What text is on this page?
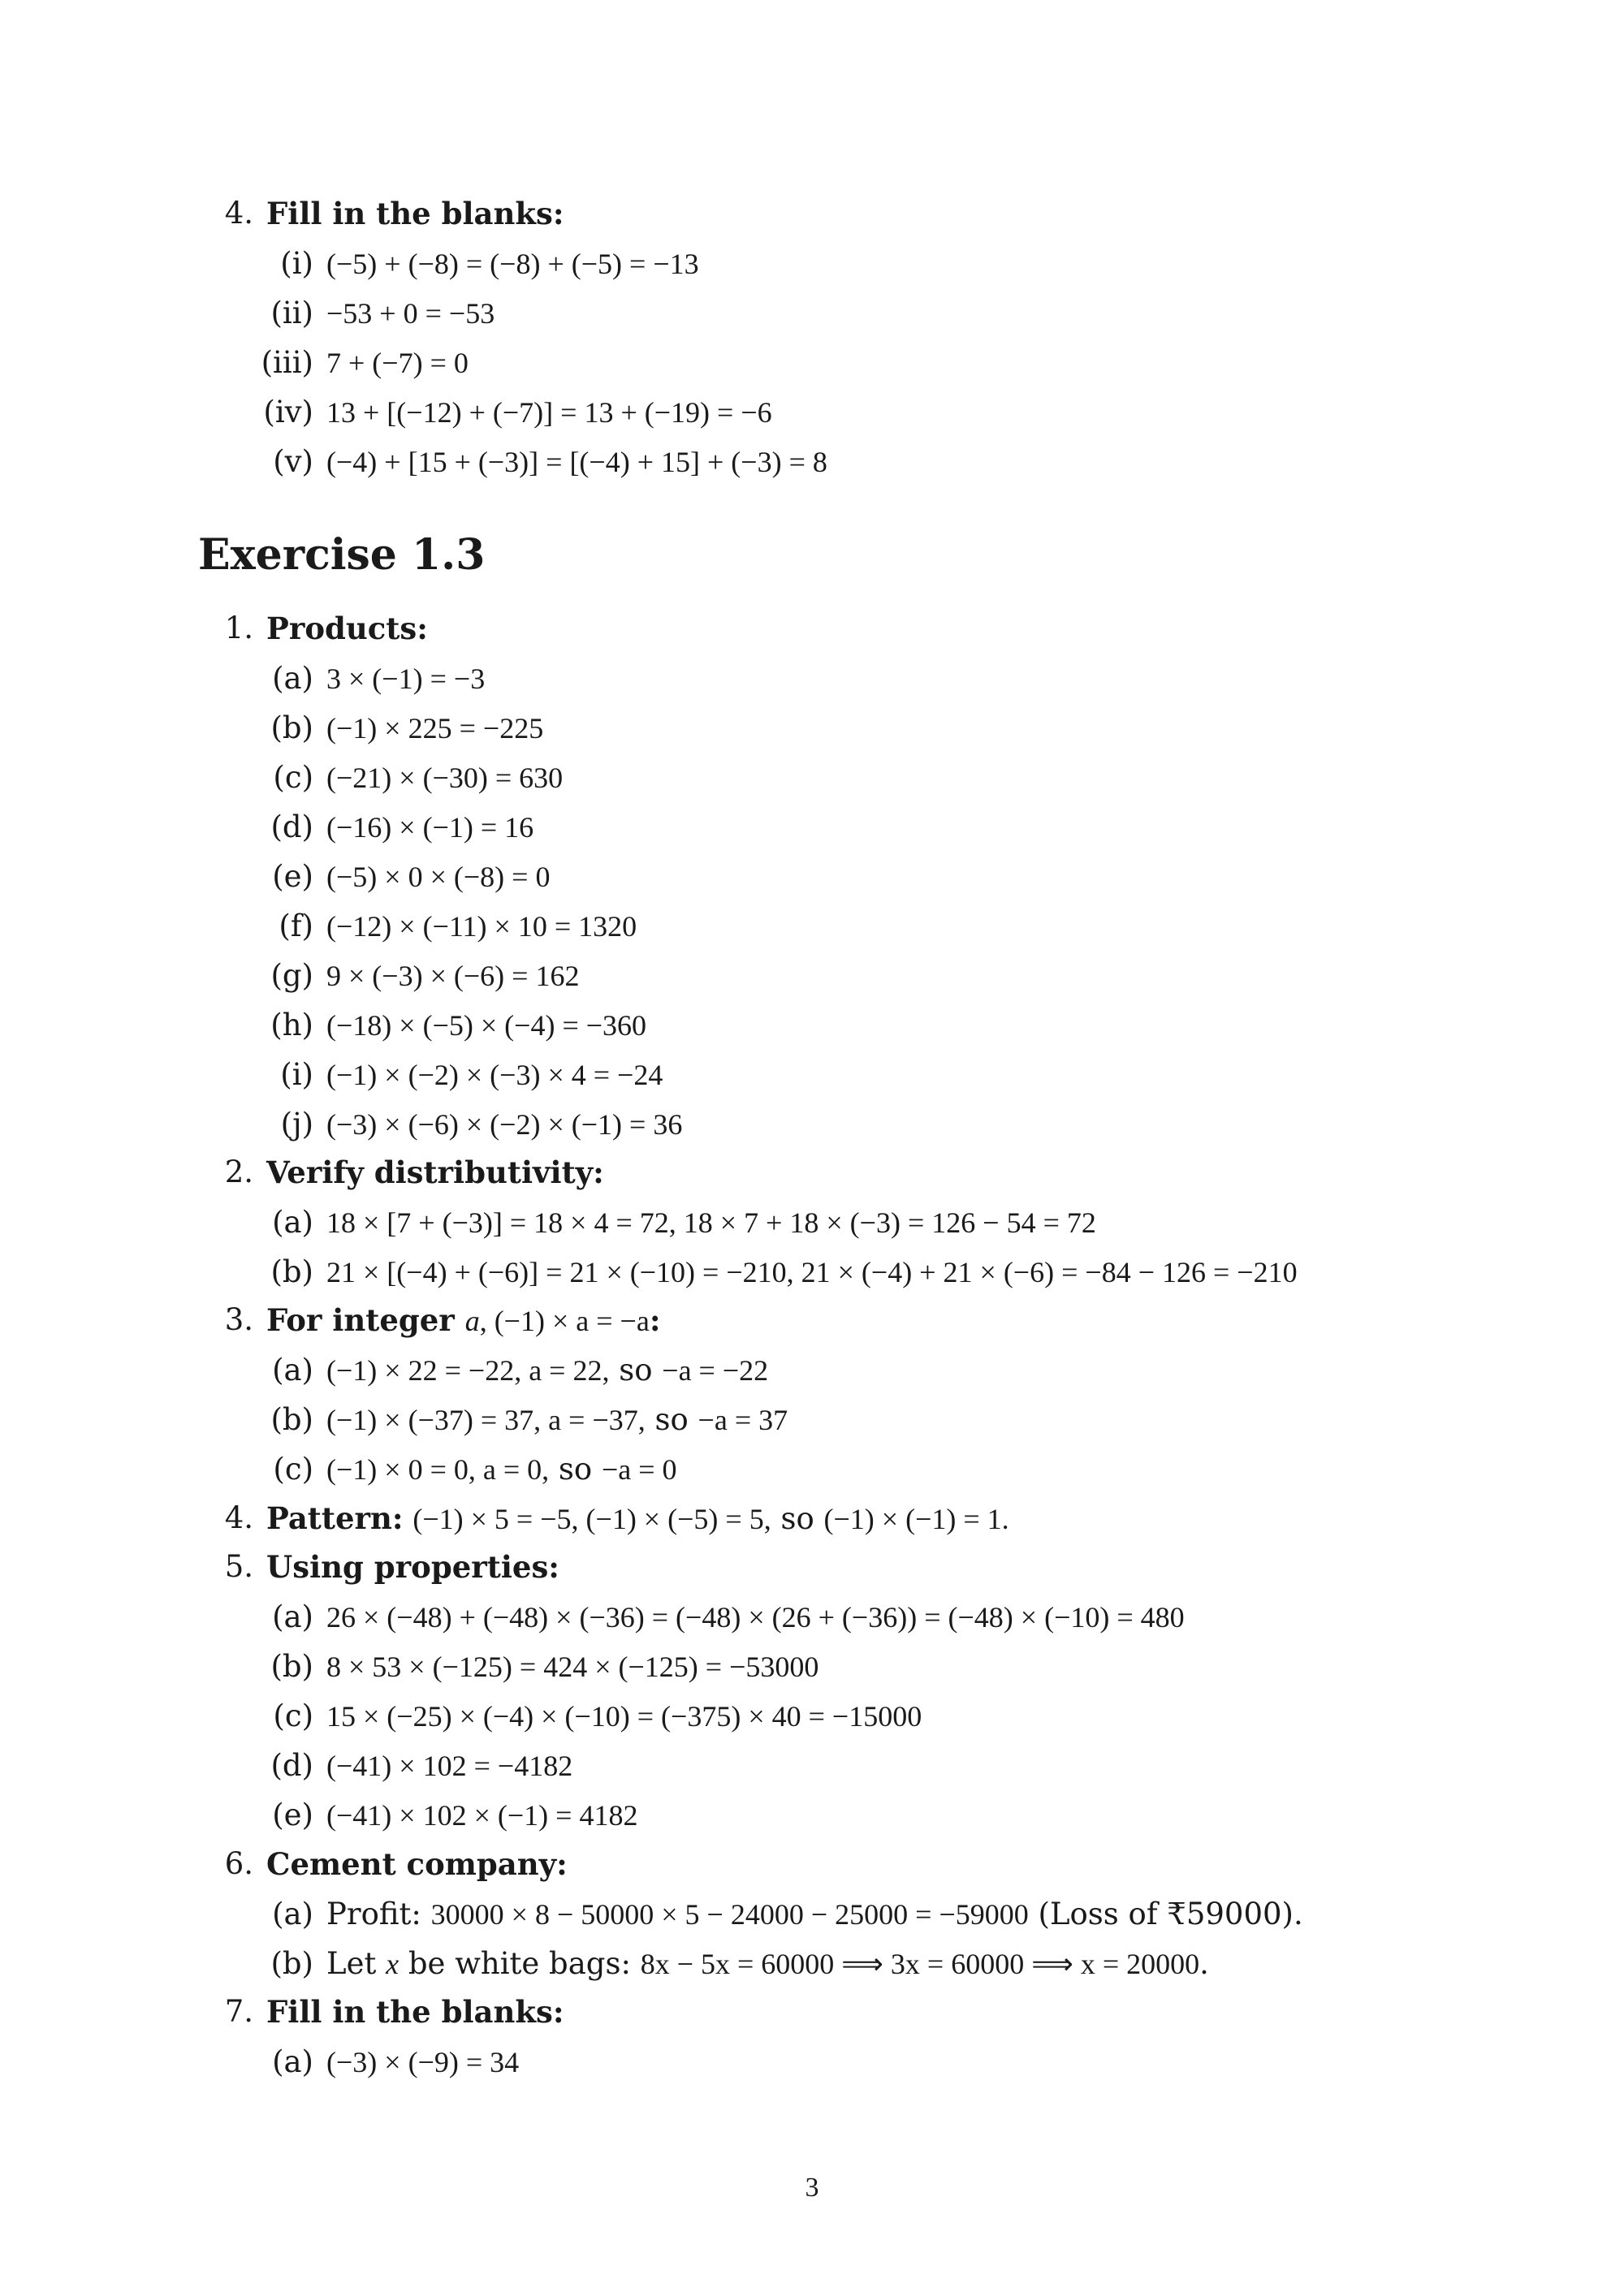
4. Fill in the blanks:
(i) (−5) + (−8) = (−8) + (−5) = −13
(ii) −53 + 0 = −53
(iii) 7 + (−7) = 0
(iv) 13 + [(−12) + (−7)] = 13 + (−19) = −6
(v) (−4) + [15 + (−3)] = [(−4) + 15] + (−3) = 8
Exercise 1.3
1. Products:
(a) 3 × (−1) = −3
(b) (−1) × 225 = −225
(c) (−21) × (−30) = 630
(d) (−16) × (−1) = 16
(e) (−5) × 0 × (−8) = 0
(f) (−12) × (−11) × 10 = 1320
(g) 9 × (−3) × (−6) = 162
(h) (−18) × (−5) × (−4) = −360
(i) (−1) × (−2) × (−3) × 4 = −24
(j) (−3) × (−6) × (−2) × (−1) = 36
2. Verify distributivity:
(a) 18 × [7 + (−3)] = 18 × 4 = 72, 18 × 7 + 18 × (−3) = 126 − 54 = 72
(b) 21 × [(−4) + (−6)] = 21 × (−10) = −210, 21 × (−4) + 21 × (−6) = −84 − 126 = −210
3. For integer a, (−1) × a = −a:
(a) (−1) × 22 = −22, a = 22, so −a = −22
(b) (−1) × (−37) = 37, a = −37, so −a = 37
(c) (−1) × 0 = 0, a = 0, so −a = 0
4. Pattern: (−1) × 5 = −5, (−1) × (−5) = 5, so (−1) × (−1) = 1.
5. Using properties:
(a) 26 × (−48) + (−48) × (−36) = (−48) × (26 + (−36)) = (−48) × (−10) = 480
(b) 8 × 53 × (−125) = 424 × (−125) = −53000
(c) 15 × (−25) × (−4) × (−10) = (−375) × 40 = −15000
(d) (−41) × 102 = −4182
(e) (−41) × 102 × (−1) = 4182
6. Cement company:
(a) Profit: 30000 × 8 − 50000 × 5 − 24000 − 25000 = −59000 (Loss of ₹59000).
(b) Let x be white bags: 8x − 5x = 60000 ⟹ 3x = 60000 ⟹ x = 20000.
7. Fill in the blanks:
(a) (−3) × (−9) = 34
3
